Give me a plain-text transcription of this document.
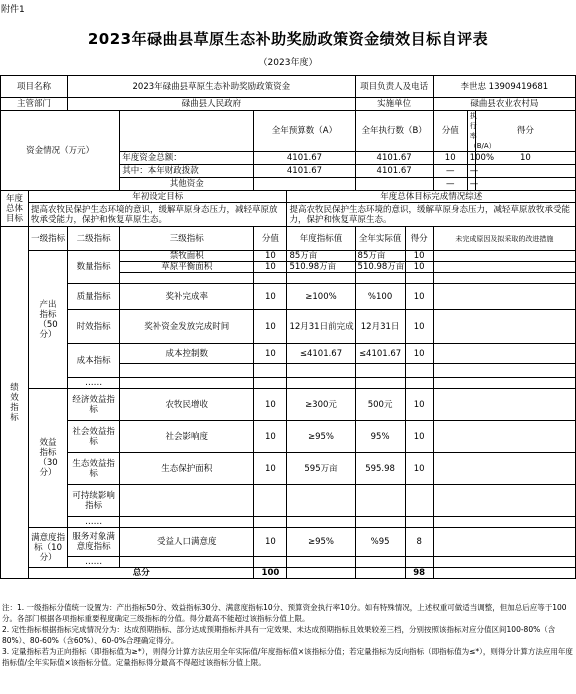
附件1
2023年碌曲县草原生态补助奖励政策资金绩效目标自评表
（2023年度）
项目名称		2023年碌曲县草原生态补助奖励政策资金				项目负责人及电话		李世忠 13909419681		
主管部门		碌曲县人民政府				实施单位		碌曲县农业农村局		
资金情况（万元）				全年预算数（A）		全年执行数（B）		分值	执行率（B/A）	得分
			年度资金总额：	4101.67		4101.67		10	100%	10
			其中：本年财政拨款	4101.67		4101.67		—	—	
			其他资金					—	—	
年度总体目标	年初设定目标				年度总体目标完成情况综述					
	提高农牧民保护生态环境的意识，缓解草原身态压力，减轻草原放牧承受能力，保护和恢复草原生态。				提高农牧民保护生态环境的意识，缓解草原身态压力，减轻草原放牧承受能力，保护和恢复草原生态。					
绩效指标	一级指标	二级指标	三级指标	分值	年度指标值	全年实际值	得分	未完成原因及拟采取的改进措施		
	产出指标（50分）	数量指标	禁牧面积	10	85万亩	85万亩	10			
			草原平衡面积	10	510.98万亩	510.98万亩	10			

		质量指标	奖补完成率	10	≥100%	%100	10			
		时效指标	奖补资金发放完成时间	10	12月31日前完成	12月31日	10			

		成本指标	成本控制数	10	≤4101.67	≤4101.67	10			

		……								
	效益指标（30分）	经济效益指标	农牧民增收	10	≥300元	500元	10			
		社会效益指标	社会影响度	10	≥95%	95%	10			
		生态效益指标	生态保护面积	10	595万亩	595.98	10			
		可持续影响指标								
		……								
	满意度指标（10分）	服务对象满意度指标	受益人口满意度	10	≥95%	%95	8			
		……								
	总分			100			98			
注：1. 一级指标分值统一设置为：产出指标50分、效益指标30分、满意度指标10分、预算资金执行率10分。如有特殊情况，上述权重可做适当调整，但加总后应等于100分。各部门根据各项指标重要程度确定三级指标的分值。得分最高不能超过该指标分值上限。
2. 定性指标根据指标完成情况分为：达成预期指标、部分达成预期指标并具有一定效果、未达成预期指标且效果较差三档，分别按照该指标对应分值区间100-80%（含80%）、80-60%（含60%）、60-0%合理确定得分。
3. 定量指标若为正向指标（即指标值为≥*），则得分计算方法应用全年实际值/年度指标值×该指标分值；若定量指标为反向指标（即指标值为≤*），则得分计算方法应用年度指标值/全年实际值×该指标分值。定量指标得分最高不得超过该指标分值上限。
